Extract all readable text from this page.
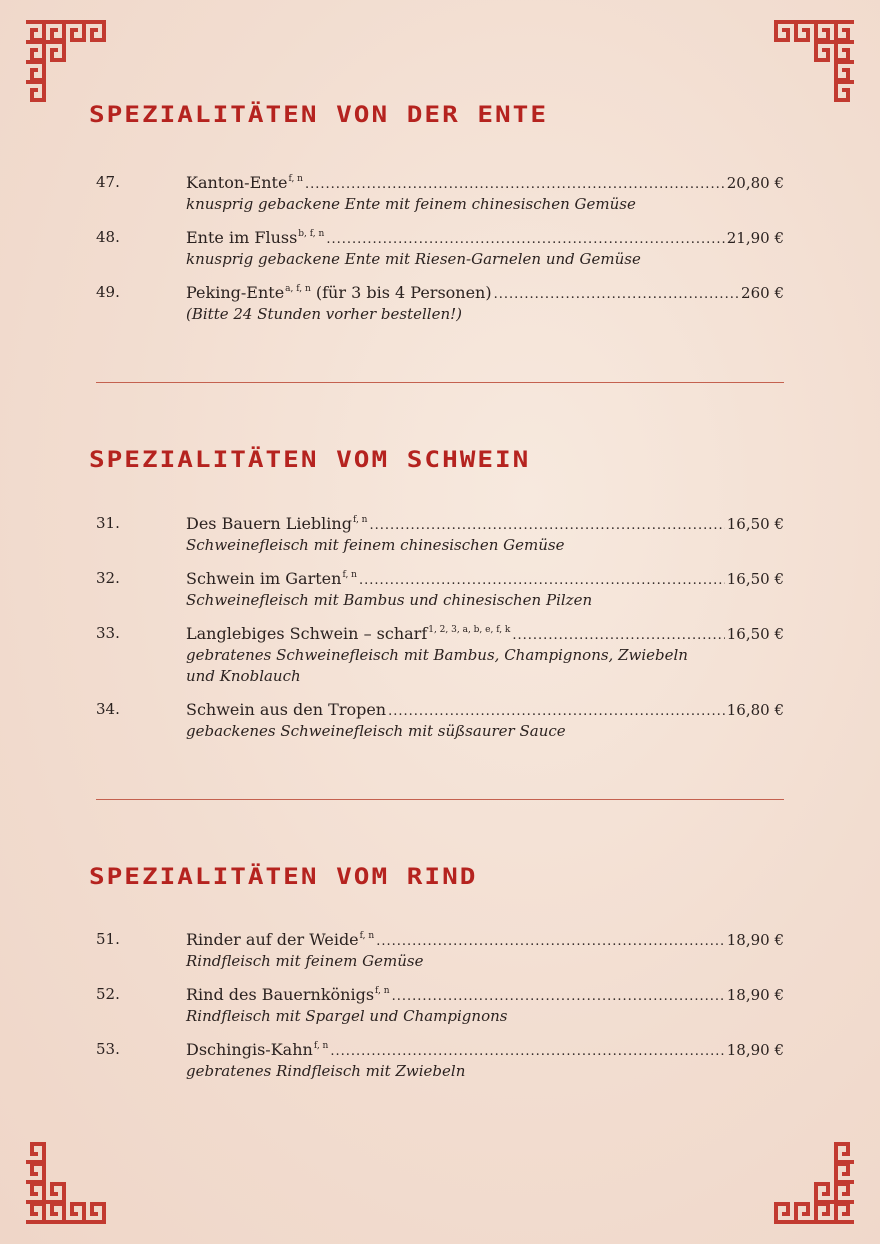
SPEZIALITÄTEN VON DER ENTE
47.	Kanton-Ente$^{f, n}$ .....	20,80 €
knusprig gebackene Ente mit feinem chinesischen Gemüse
48.	Ente im Fluss$^{b, f, n}$ .....	21,90 €
knusprig gebackene Ente mit Riesen-Garnelen und Gemüse
49.	Peking-Ente$^{a, f, n}$ (für 3 bis 4 Personen) .....	260 €
(Bitte 24 Stunden vorher bestellen!)
SPEZIALITÄTEN VOM SCHWEIN
31.	Des Bauern Liebling$^{f, n}$ .....	16,50 €
Schweinefleisch mit feinem chinesischen Gemüse
32.	Schwein im Garten$^{f, n}$ .....	16,50 €
Schweinefleisch mit Bambus und chinesischen Pilzen
33.	Langlebiges Schwein – scharf$^{1, 2, 3, a, b, e, f, k}$ .....	16,50 €
gebratenes Schweinefleisch mit Bambus, Champignons, Zwiebeln und Knoblauch
34.	Schwein aus den Tropen .....	16,80 €
gebackenes Schweinefleisch mit süßsaurer Sauce
SPEZIALITÄTEN VOM RIND
51.	Rinder auf der Weide$^{f, n}$ .....	18,90 €
Rindfleisch mit feinem Gemüse
52.	Rind des Bauernkönigs$^{f, n}$ .....	18,90 €
Rindfleisch mit Spargel und Champignons
53.	Dschingis-Kahn$^{f, n}$ .....	18,90 €
gebratenes Rindfleisch mit Zwiebeln
